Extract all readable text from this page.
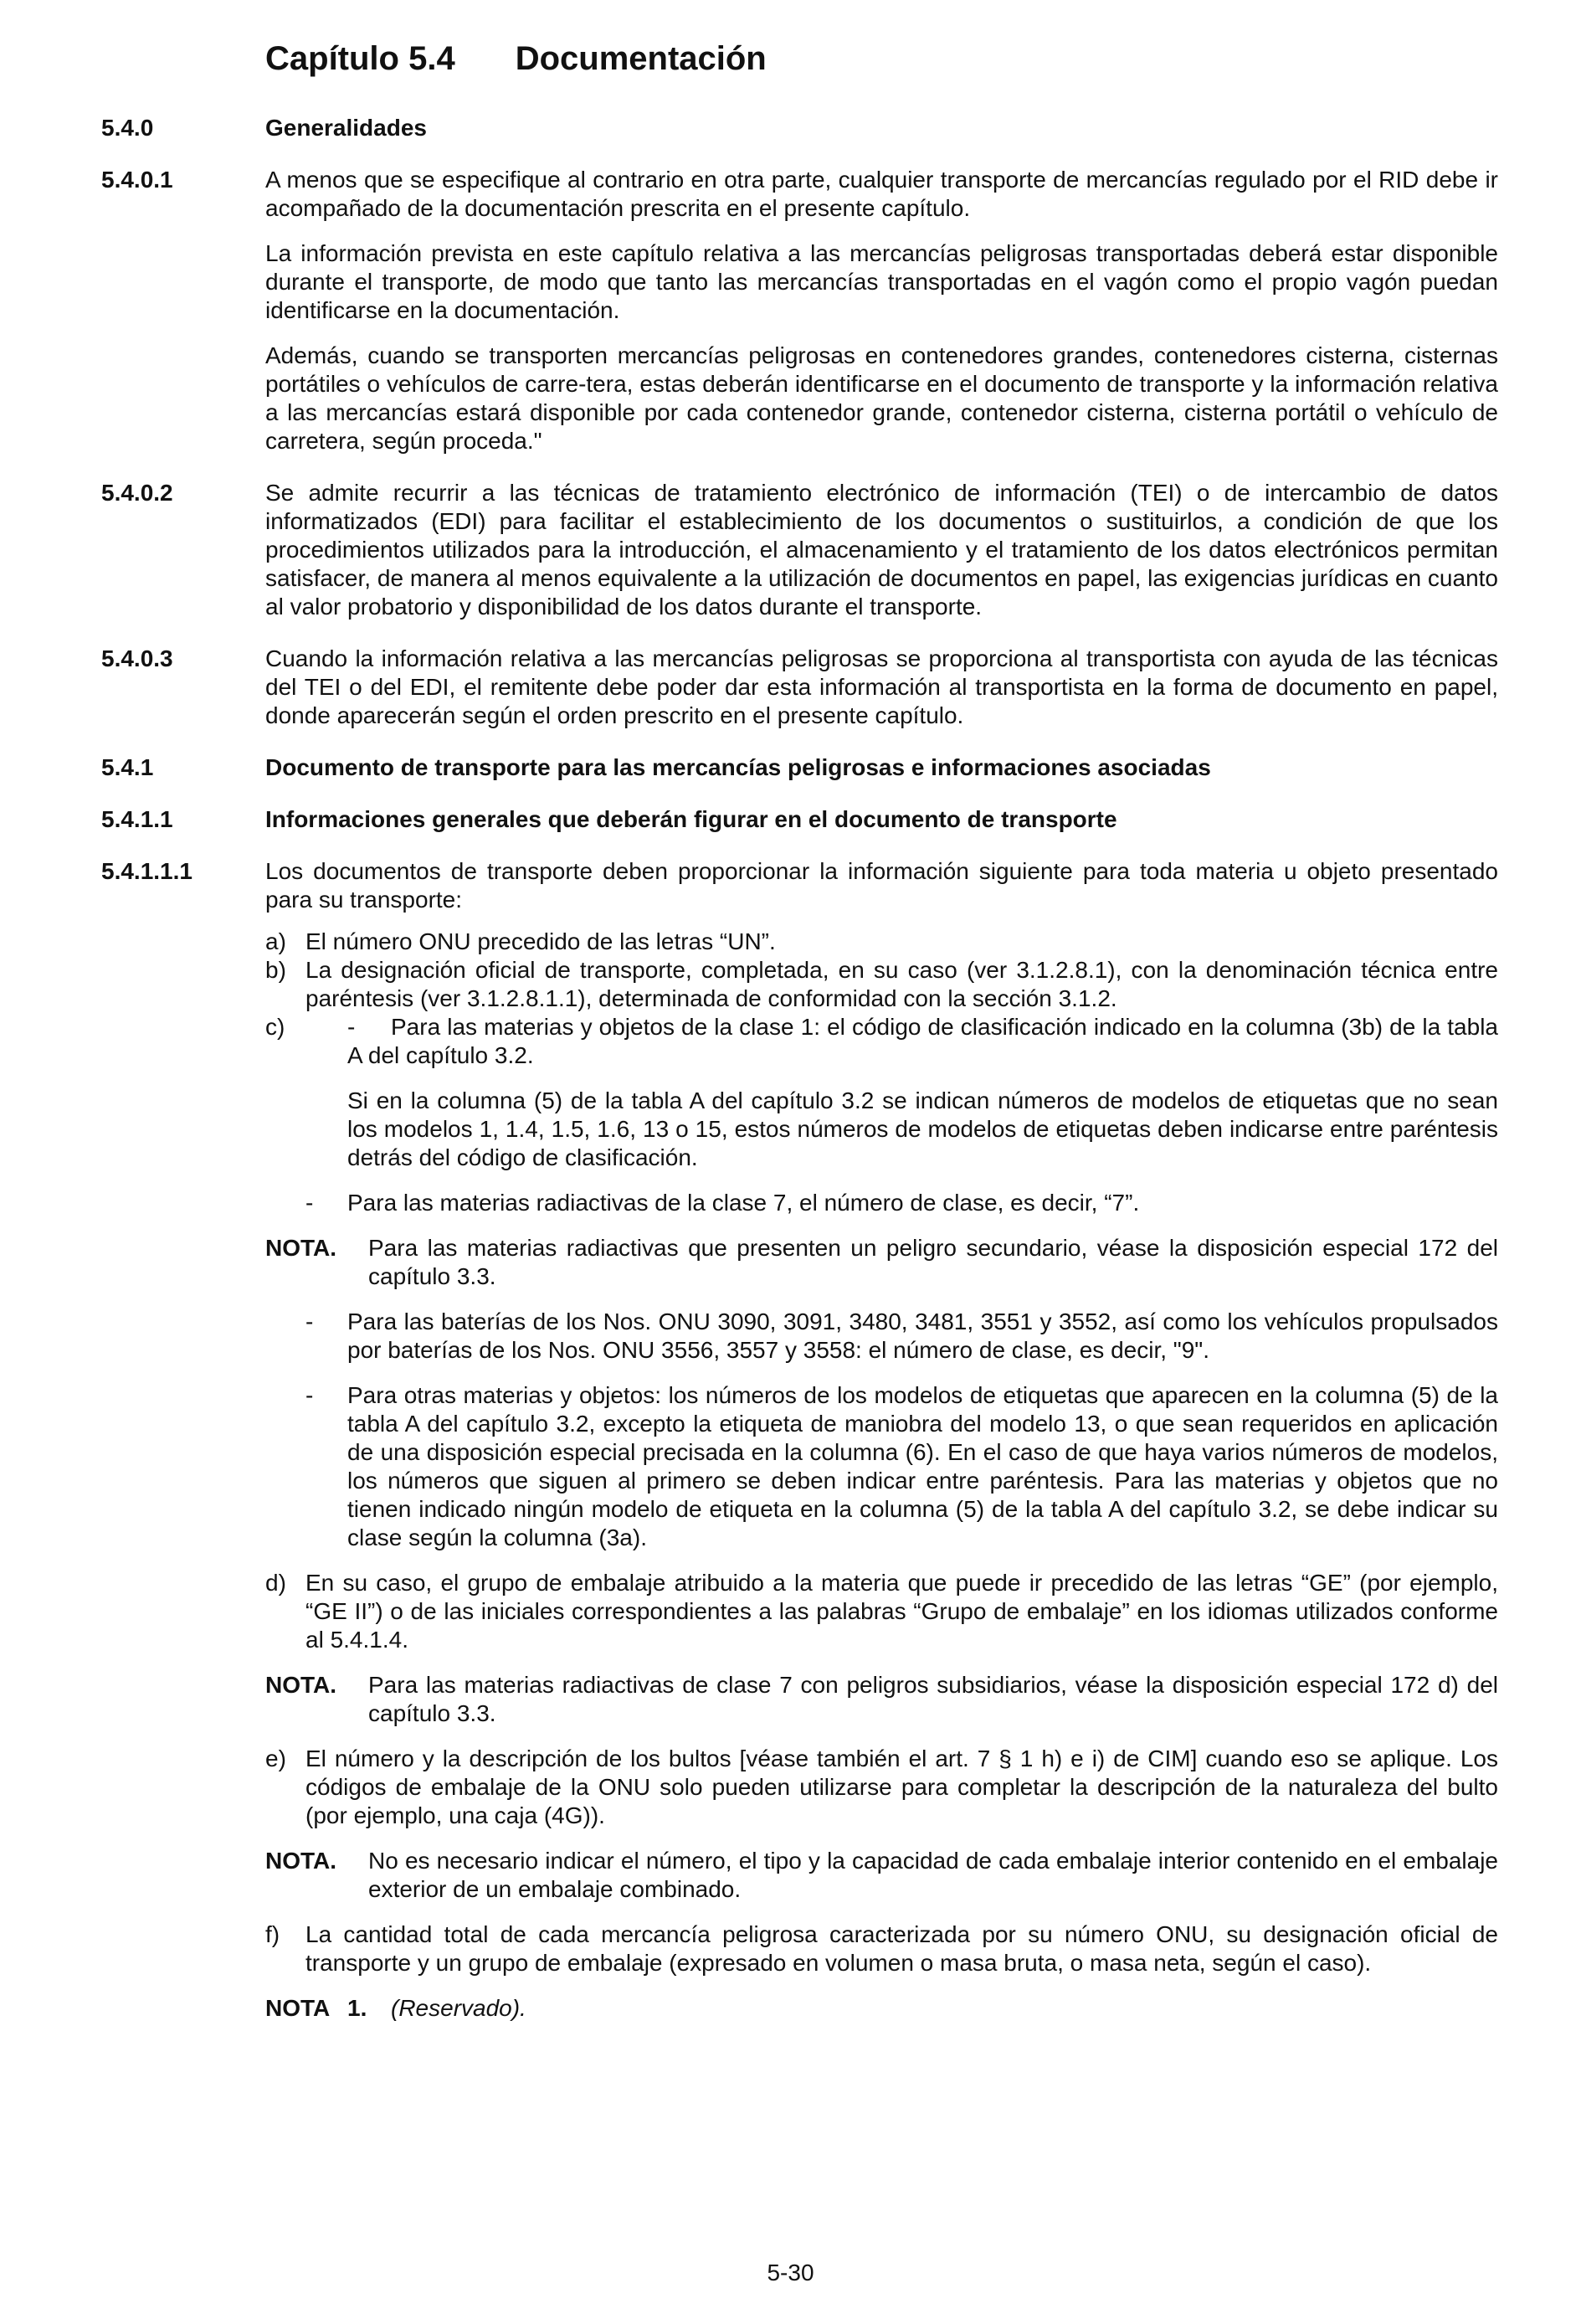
Capítulo 5.4 Documentación
5.4.0	Generalidades
5.4.0.1	A menos que se especifique al contrario en otra parte, cualquier transporte de mercancías regulado por el RID debe ir acompañado de la documentación prescrita en el presente capítulo.

La información prevista en este capítulo relativa a las mercancías peligrosas transportadas deberá estar disponible durante el transporte, de modo que tanto las mercancías transportadas en el vagón como el propio vagón puedan identificarse en la documentación.

Además, cuando se transporten mercancías peligrosas en contenedores grandes, contenedores cisterna, cisternas portátiles o vehículos de carre-tera, estas deberán identificarse en el documento de transporte y la información relativa a las mercancías estará disponible por cada contenedor grande, contenedor cisterna, cisterna portátil o vehículo de carretera, según proceda."

5.4.0.2	Se admite recurrir a las técnicas de tratamiento electrónico de información (TEI) o de intercambio de datos informatizados (EDI) para facilitar el establecimiento de los documentos o sustituirlos, a condición de que los procedimientos utilizados para la introducción, el almacenamiento y el tratamiento de los datos electrónicos permitan satisfacer, de manera al menos equivalente a la utilización de documentos en papel, las exigencias jurídicas en cuanto al valor probatorio y disponibilidad de los datos durante el transporte.

5.4.0.3	Cuando la información relativa a las mercancías peligrosas se proporciona al transportista con ayuda de las técnicas del TEI o del EDI, el remitente debe poder dar esta información al transportista en la forma de documento en papel, donde aparecerán según el orden prescrito en el presente capítulo.

5.4.1	Documento de transporte para las mercancías peligrosas e informaciones asociadas
5.4.1.1	Informaciones generales que deberán figurar en el documento de transporte
5.4.1.1.1	Los documentos de transporte deben proporcionar la información siguiente para toda materia u objeto presentado para su transporte:

a) El número ONU precedido de las letras “UN”.

b) La designación oficial de transporte, completada, en su caso (ver 3.1.2.8.1), con la denominación técnica entre paréntesis (ver 3.1.2.8.1.1), determinada de conformidad con la sección 3.1.2.

c)	- Para las materias y objetos de la clase 1: el código de clasificación indicado en la columna (3b) de la tabla A del capítulo 3.2.

Si en la columna (5) de la tabla A del capítulo 3.2 se indican números de modelos de etiquetas que no sean los modelos 1, 1.4, 1.5, 1.6, 13 o 15, estos números de modelos de etiquetas deben indicarse entre paréntesis detrás del código de clasificación.

-	Para las materias radiactivas de la clase 7, el número de clase, es decir, “7”.

NOTA.	Para las materias radiactivas que presenten un peligro secundario, véase la disposición especial 172 del capítulo 3.3.

-	Para las baterías de los Nos. ONU 3090, 3091, 3480, 3481, 3551 y 3552, así como los vehículos propulsados por baterías de los Nos. ONU 3556, 3557 y 3558: el número de clase, es decir, "9".

-	Para otras materias y objetos: los números de los modelos de etiquetas que aparecen en la columna (5) de la tabla A del capítulo 3.2, excepto la etiqueta de maniobra del modelo 13, o que sean requeridos en aplicación de una disposición especial precisada en la columna (6). En el caso de que haya varios números de modelos, los números que siguen al primero se deben indicar entre paréntesis. Para las materias y objetos que no tienen indicado ningún modelo de etiqueta en la columna (5) de la tabla A del capítulo 3.2, se debe indicar su clase según la columna (3a).

d) En su caso, el grupo de embalaje atribuido a la materia que puede ir precedido de las letras “GE” (por ejemplo, “GE II”) o de las iniciales correspondientes a las palabras “Grupo de embalaje” en los idiomas utilizados conforme al 5.4.1.4.

NOTA.	Para las materias radiactivas de clase 7 con peligros subsidiarios, véase la disposición especial 172 d) del capítulo 3.3.

e) El número y la descripción de los bultos [véase también el art. 7 § 1 h) e i) de CIM] cuando eso se aplique. Los códigos de embalaje de la ONU solo pueden utilizarse para completar la descripción de la naturaleza del bulto (por ejemplo, una caja (4G)).

NOTA.	No es necesario indicar el número, el tipo y la capacidad de cada embalaje interior contenido en el embalaje exterior de un embalaje combinado.

f)	La cantidad total de cada mercancía peligrosa caracterizada por su número ONU, su designación oficial de transporte y un grupo de embalaje (expresado en volumen o masa bruta, o masa neta, según el caso).

NOTA 1.	(Reservado).

5-30
